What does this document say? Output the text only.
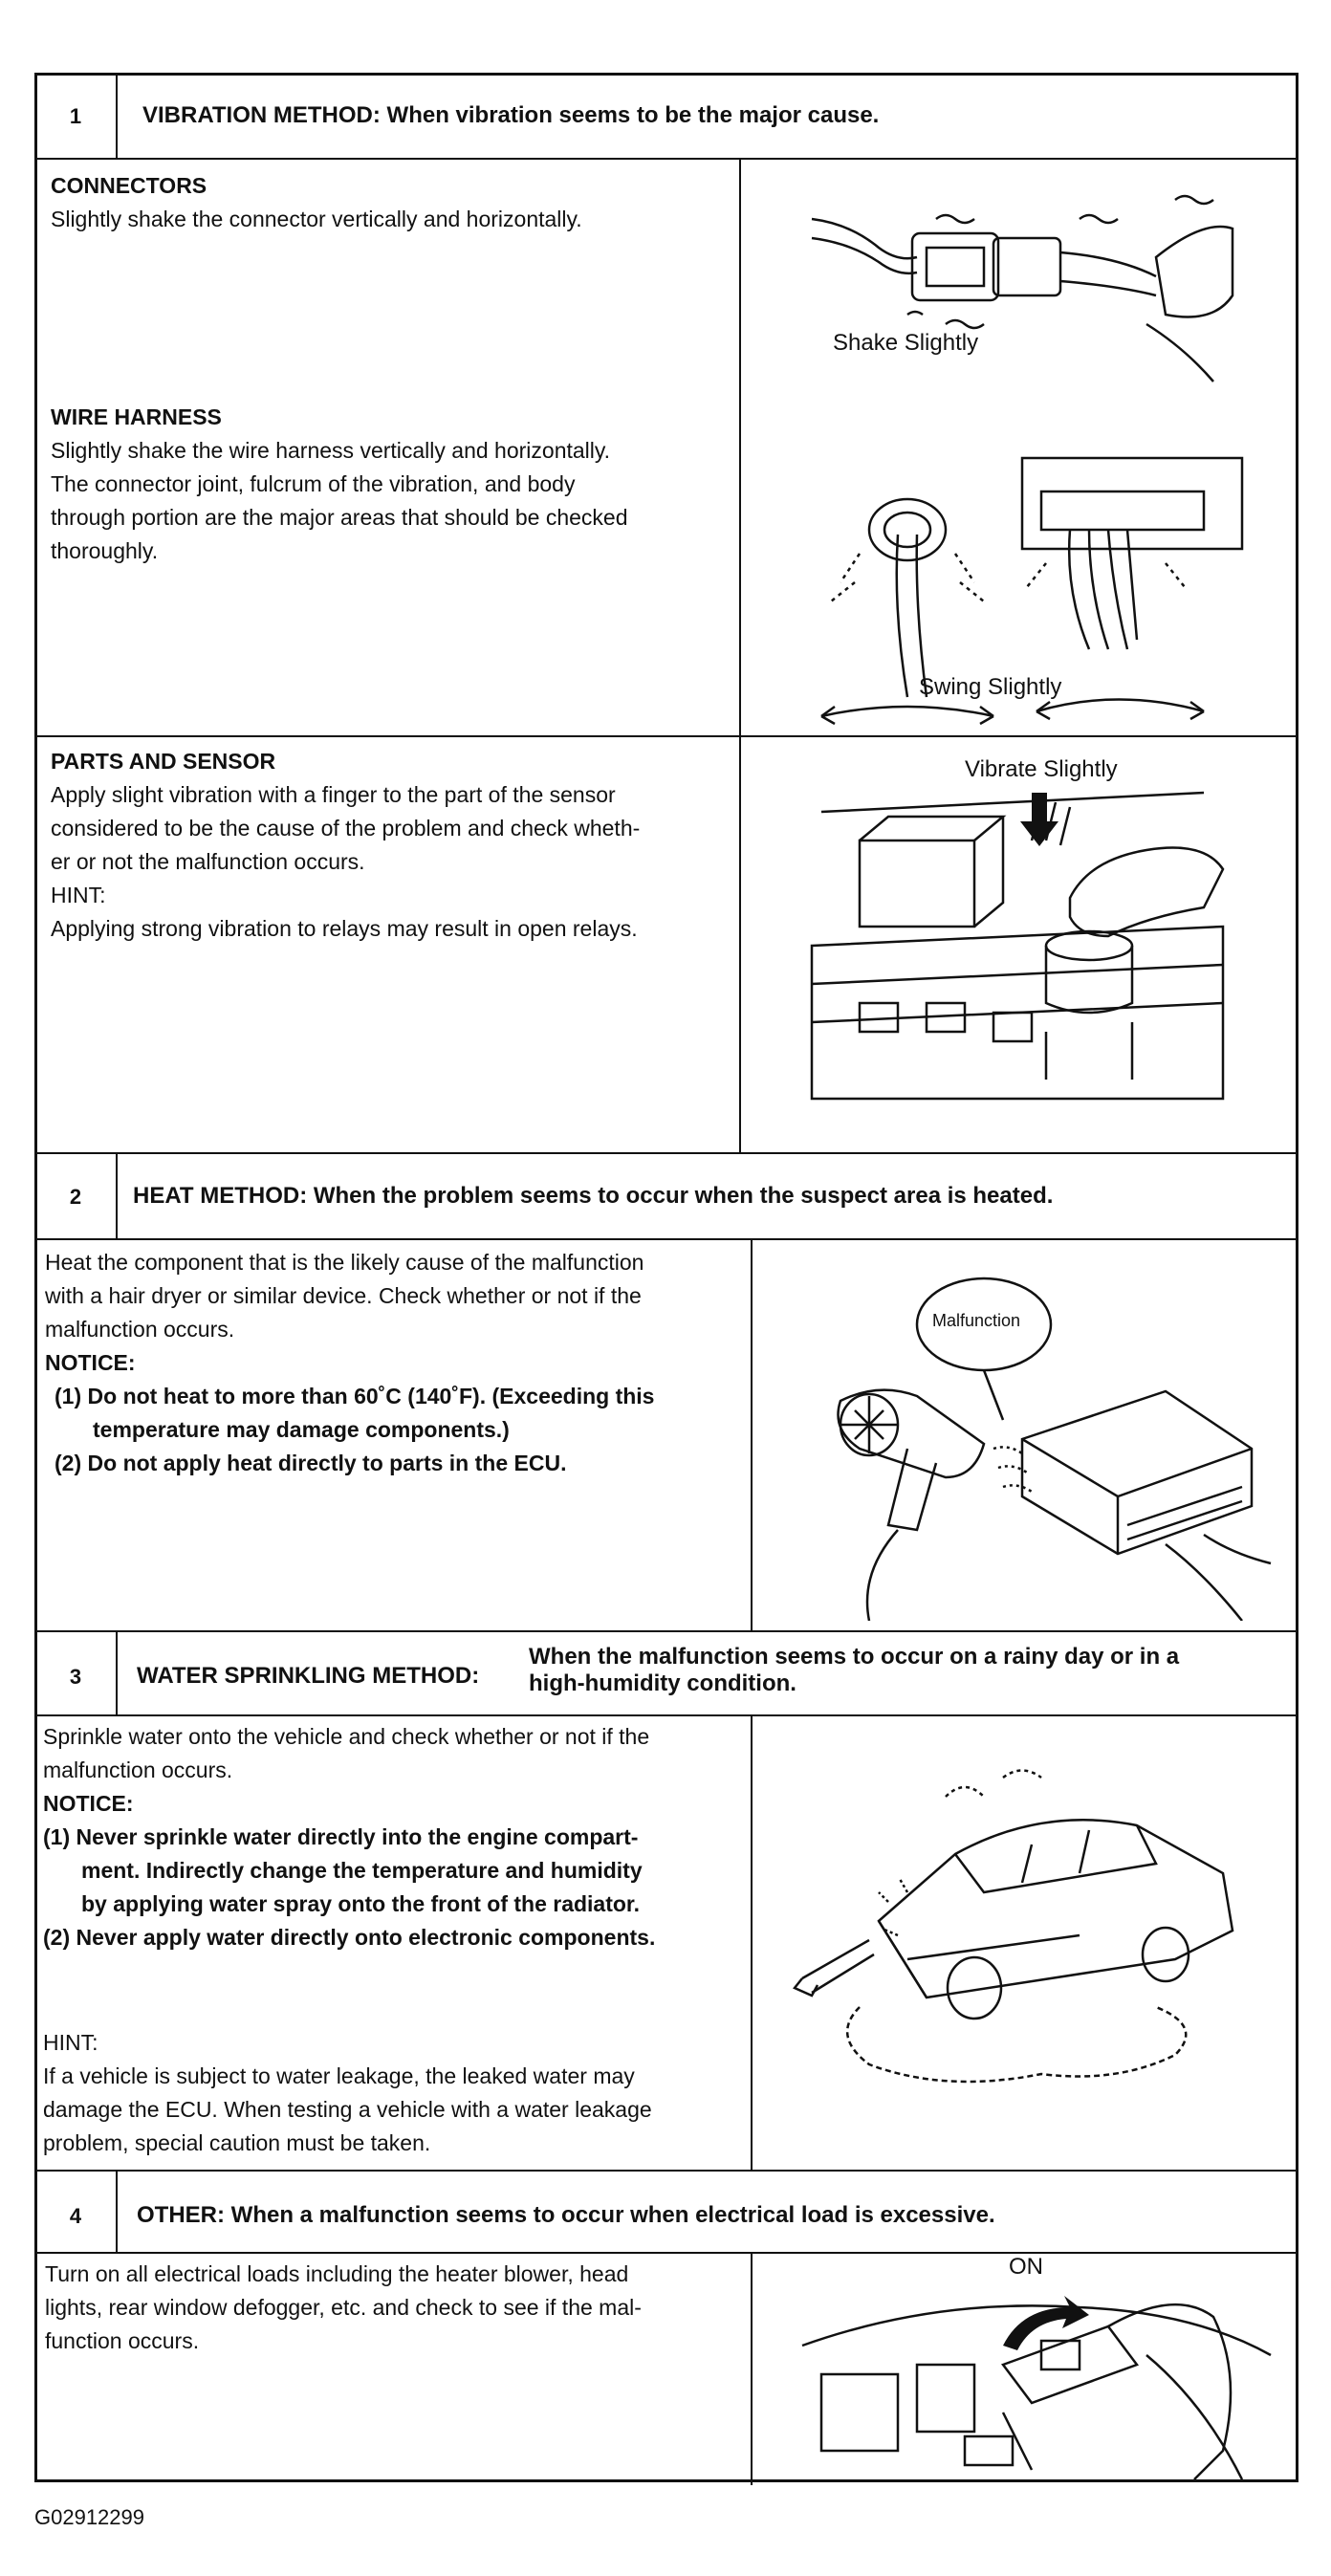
1	VIBRATION METHOD: When vibration seems to be the major cause.

CONNECTORS

Slightly shake the connector vertically and horizontally.

WIRE HARNESS

Slightly shake the wire harness vertically and horizontally.

The connector joint, fulcrum of the vibration, and body

through portion are the major areas that should be checked

thoroughly.

Shake Slightly
Swing Slightly

PARTS AND SENSOR

Apply slight vibration with a finger to the part of the sensor

considered to be the cause of the problem and check wheth-

er or not the malfunction occurs.

HINT:

Applying strong vibration to relays may result in open relays.

Vibrate Slightly
2	HEAT METHOD: When the problem seems to occur when the suspect area is heated.

Heat the component that is the likely cause of the malfunction

with a hair dryer or similar device. Check whether or not if the

malfunction occurs.

NOTICE:

(1) Do not heat to more than 60˚C (140˚F). (Exceeding this

temperature may damage components.)

(2) Do not apply heat directly to parts in the ECU.

Malfunction
3	WATER SPRINKLING METHOD:
When the malfunction seems to occur on a rainy day or in a
high-humidity condition.

Sprinkle water onto the vehicle and check whether or not if the

malfunction occurs.

NOTICE:

(1) Never sprinkle water directly into the engine compart-

ment. Indirectly change the temperature and humidity

by applying water spray onto the front of the radiator.

(2) Never apply water directly onto electronic components.

HINT:

If a vehicle is subject to water leakage, the leaked water may

damage the ECU. When testing a vehicle with a water leakage

problem, special caution must be taken.

4	OTHER: When a malfunction seems to occur when electrical load is excessive.

Turn on all electrical loads including the heater blower, head

lights, rear window defogger, etc. and check to see if the mal-

function occurs.

ON
G02912299
